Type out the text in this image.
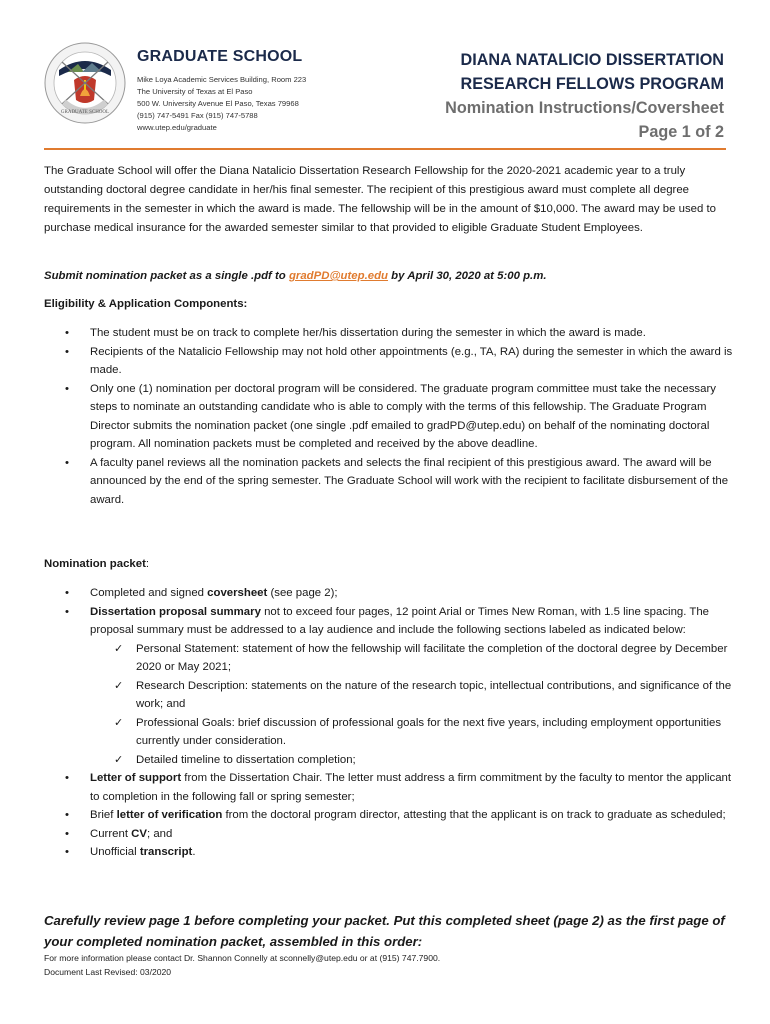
GRADUATE SCHOOL
GRADUATE SCHOOL
Mike Loya Academic Services Building, Room 223
The University of Texas at El Paso
500 W. University Avenue El Paso, Texas 79968
(915) 747-5491 Fax (915) 747-5788
www.utep.edu/graduate
DIANA NATALICIO DISSERTATION
RESEARCH FELLOWS PROGRAM
Nomination Instructions/Coversheet
Page 1 of 2
The Graduate School will offer the Diana Natalicio Dissertation Research Fellowship for the 2020-2021 academic year to a truly outstanding doctoral degree candidate in her/his final semester. The recipient of this prestigious award must complete all degree requirements in the semester in which the award is made. The fellowship will be in the amount of $10,000. The award may be used to purchase medical insurance for the awarded semester similar to that provided to eligible Graduate Student Employees.
Submit nomination packet as a single .pdf to gradPD@utep.edu by April 30, 2020 at 5:00 p.m.
Eligibility & Application Components:
• The student must be on track to complete her/his dissertation during the semester in which the award is made.
• Recipients of the Natalicio Fellowship may not hold other appointments (e.g., TA, RA) during the semester in which the award is made.
• Only one (1) nomination per doctoral program will be considered. The graduate program committee must take the necessary steps to nominate an outstanding candidate who is able to comply with the terms of this fellowship. The Graduate Program Director submits the nomination packet (one single .pdf emailed to gradPD@utep.edu) on behalf of the nominating doctoral program. All nomination packets must be completed and received by the above deadline.
• A faculty panel reviews all the nomination packets and selects the final recipient of this prestigious award. The award will be announced by the end of the spring semester. The Graduate School will work with the recipient to facilitate disbursement of the award.
Nomination packet:
• Completed and signed coversheet (see page 2);
• Dissertation proposal summary not to exceed four pages, 12 point Arial or Times New Roman, with 1.5 line spacing. The proposal summary must be addressed to a lay audience and include the following sections labeled as indicated below:
✓ Personal Statement: statement of how the fellowship will facilitate the completion of the doctoral degree by December 2020 or May 2021;
✓ Research Description: statements on the nature of the research topic, intellectual contributions, and significance of the work; and
✓ Professional Goals: brief discussion of professional goals for the next five years, including employment opportunities currently under consideration.
✓ Detailed timeline to dissertation completion;
• Letter of support from the Dissertation Chair. The letter must address a firm commitment by the faculty to mentor the applicant to completion in the following fall or spring semester;
• Brief letter of verification from the doctoral program director, attesting that the applicant is on track to graduate as scheduled;
• Current CV; and
• Unofficial transcript.
Carefully review page 1 before completing your packet. Put this completed sheet (page 2) as the first page of your completed nomination packet, assembled in this order:
For more information please contact Dr. Shannon Connelly at sconnelly@utep.edu or at (915) 747.7900.
Document Last Revised: 03/2020
